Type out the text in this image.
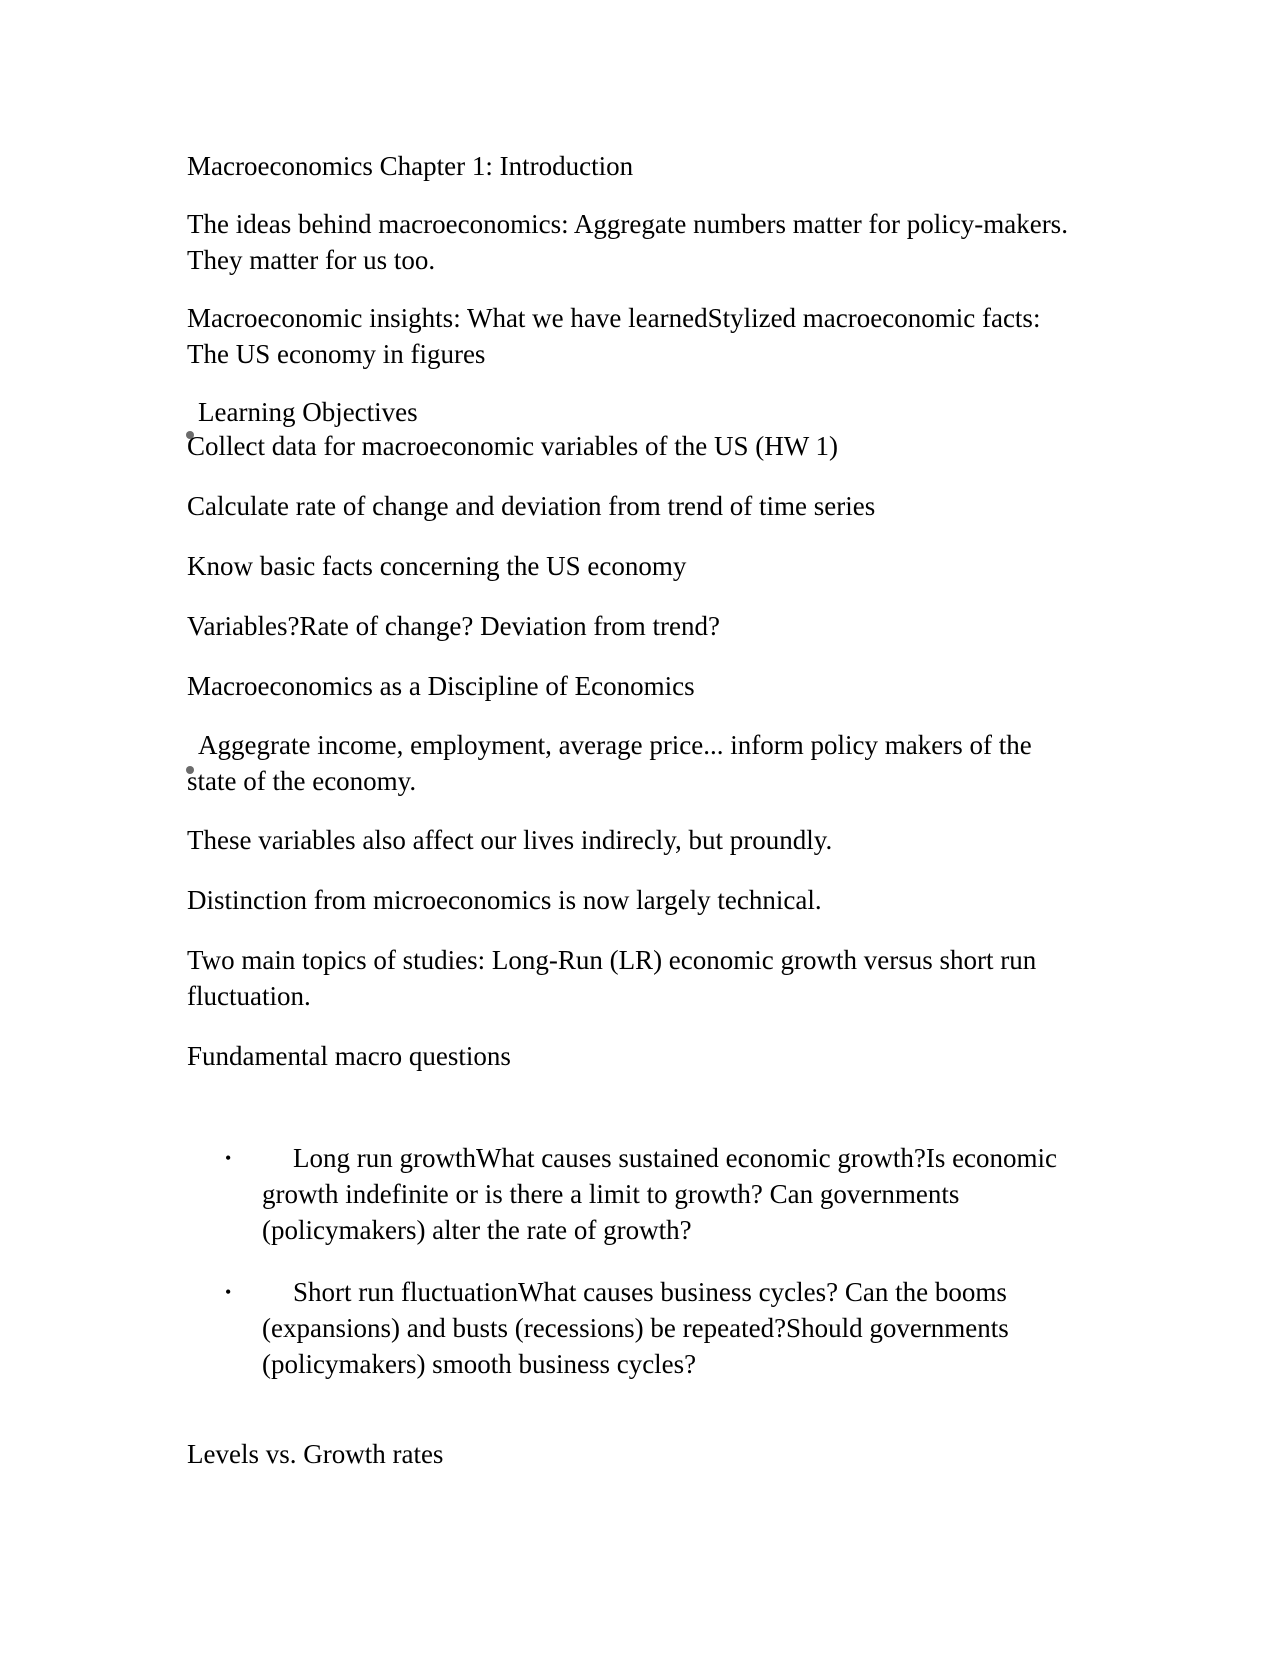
Macroeconomics Chapter 1: Introduction

The ideas behind macroeconomics: Aggregate numbers matter for policy-makers. They matter for us too.

Macroeconomic insights: What we have learnedStylized macroeconomic facts: The US economy in figures

Learning Objectives

Collect data for macroeconomic variables of the US (HW 1)

Calculate rate of change and deviation from trend of time series

Know basic facts concerning the US economy

Variables?Rate of change? Deviation from trend?

Macroeconomics as a Discipline of Economics

Aggegrate income, employment, average price... inform policy makers of the state of the economy.

These variables also affect our lives indirecly, but proundly.

Distinction from microeconomics is now largely technical.

Two main topics of studies: Long-Run (LR) economic growth versus short run fluctuation.

Fundamental macro questions

• Long run growthWhat causes sustained economic growth?Is economic growth indefinite or is there a limit to growth? Can governments (policymakers) alter the rate of growth?
• Short run fluctuationWhat causes business cycles? Can the booms (expansions) and busts (recessions) be repeated?Should governments (policymakers) smooth business cycles?

Levels vs. Growth rates
